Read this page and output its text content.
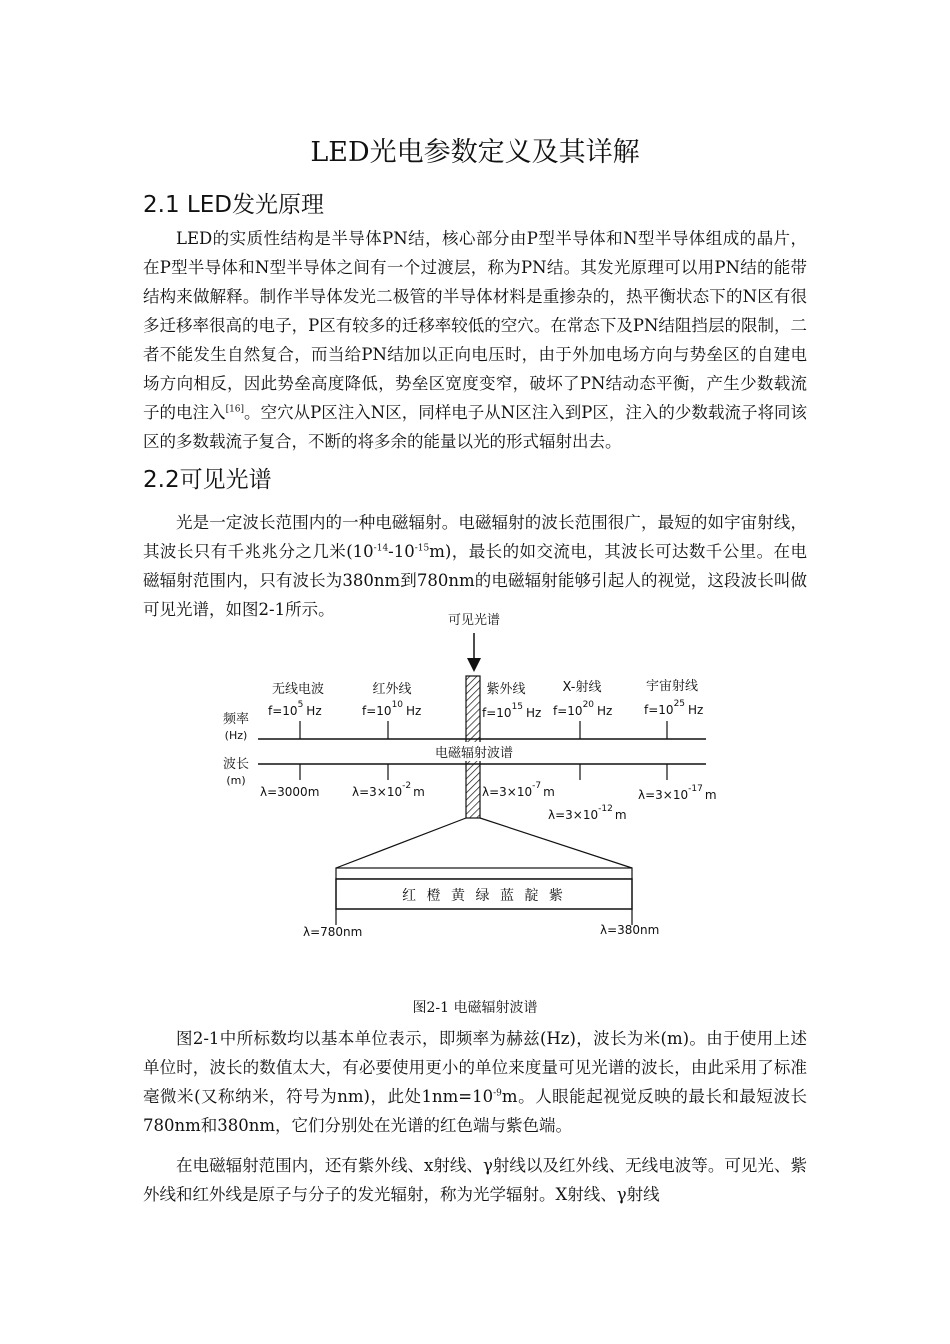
LED光电参数定义及其详解
2.1 LED发光原理

LED的实质性结构是半导体PN结，核心部分由P型半导体和N型半导体组成的晶片，在P型半导体和N型半导体之间有一个过渡层，称为PN结。其发光原理可以用PN结的能带结构来做解释。制作半导体发光二极管的半导体材料是重掺杂的，热平衡状态下的N区有很多迁移率很高的电子，P区有较多的迁移率较低的空穴。在常态下及PN结阻挡层的限制，二者不能发生自然复合，而当给PN结加以正向电压时，由于外加电场方向与势垒区的自建电场方向相反，因此势垒高度降低，势垒区宽度变窄，破坏了PN结动态平衡，产生少数载流子的电注入[16]。空穴从P区注入N区，同样电子从N区注入到P区，注入的少数载流子将同该区的多数载流子复合，不断的将多余的能量以光的形式辐射出去。

2.2可见光谱

光是一定波长范围内的一种电磁辐射。电磁辐射的波长范围很广，最短的如宇宙射线，其波长只有千兆兆分之几米$(10^{-14}-10^{-15}m)$，最长的如交流电，其波长可达数千公里。在电磁辐射范围内，只有波长为380nm到780nm的电磁辐射能够引起人的视觉，这段波长叫做可见光谱，如图2-1所示。

可见光谱
频率
(Hz)
波长
(m)
电磁辐射波谱
无线电波	红外线	紫外线	X-射线	宇宙射线
$f=10^5$ Hz	$f=10^{10}$ Hz	$f=10^{15}$ Hz $f=10^{20}$ Hz	$f=10^{25}$ Hz
λ=3000m	$\lambda=3\times 10^{-2}$ m	$\lambda=3\times 10^{-7}$ m
$\lambda=3\times 10^{-12}$ m
$\lambda=3\times 10^{-17}$ m
红 橙 黄 绿 蓝 靛 紫
λ=780nm	λ=380nm
图2-1 电磁辐射波谱

图2-1中所标数均以基本单位表示，即频率为赫兹(Hz)，波长为米(m)。由于使用上述单位时，波长的数值太大，有必要使用更小的单位来度量可见光谱的波长，由此采用了标准毫微米(又称纳米，符号为nm)，此处$1nm=10^{-9}m$。人眼能起视觉反映的最长和最短波长780nm和380nm，它们分别处在光谱的红色端与紫色端。

在电磁辐射范围内，还有紫外线、x射线、γ射线以及红外线、无线电波等。可见光、紫外线和红外线是原子与分子的发光辐射，称为光学辐射。X射线、γ射线
